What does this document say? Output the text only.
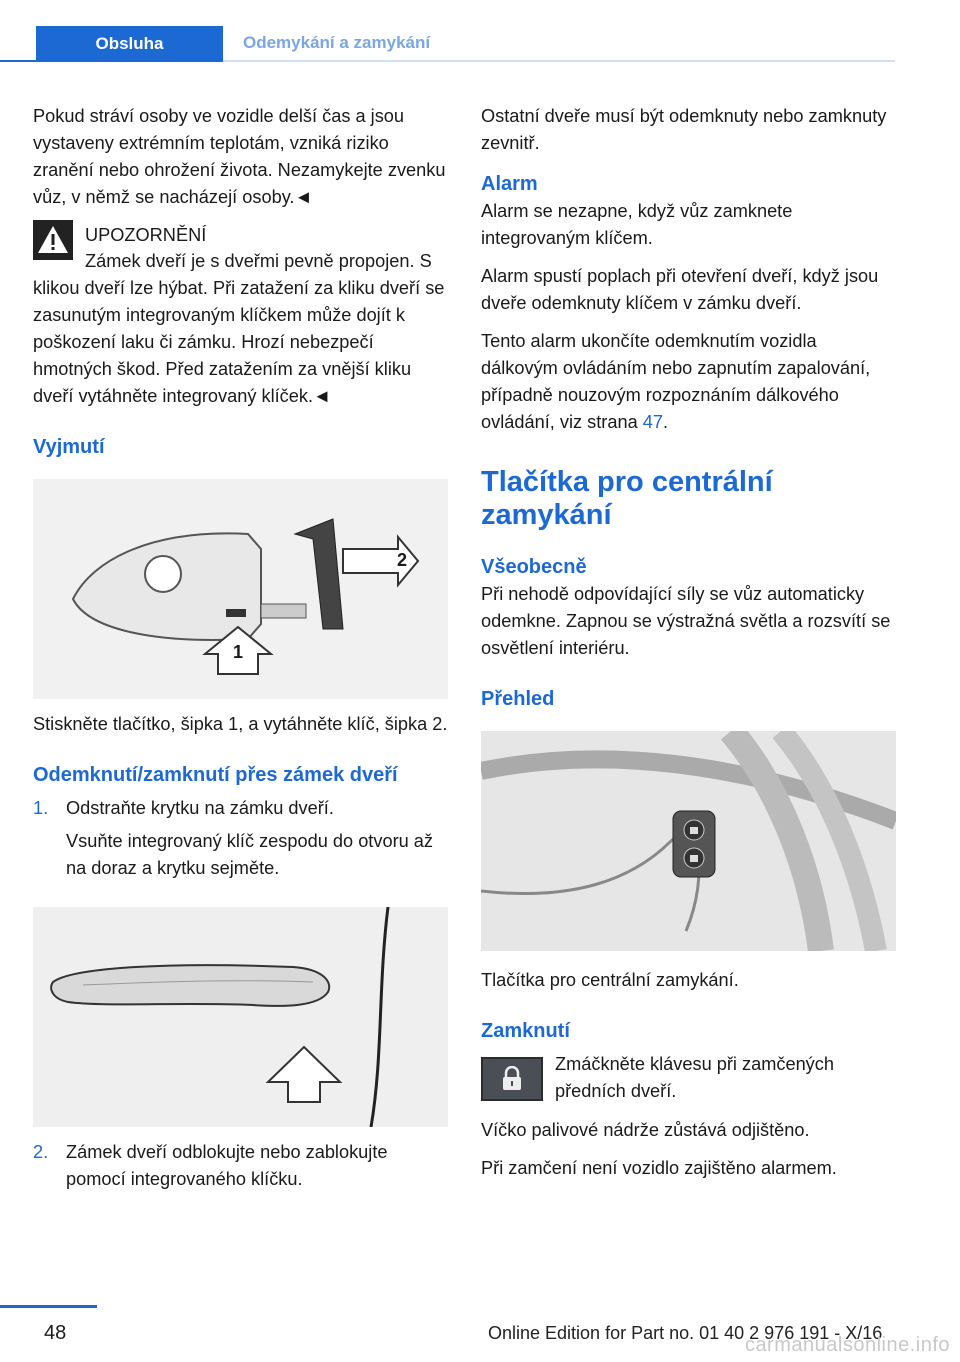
Obsluha	Odemykání a zamykání

Pokud stráví osoby ve vozidle delší čas a jsou vystaveny extrémním teplotám, vzniká riziko zranění nebo ohrožení života. Nezamykejte zvenku vůz, v němž se nacházejí osoby.◄

UPOZORNĚNÍ

Zámek dveří je s dveřmi pevně propojen. S klikou dveří lze hýbat. Při zatažení za kliku dveří se zasunutým integrovaným klíčkem může dojít k poškození laku či zámku. Hrozí nebezpečí hmotných škod. Před zatažením za vnější kliku dveří vytáhněte integrovaný klíček.◄

Vyjmutí
1
2

Stiskněte tlačítko, šipka 1, a vytáhněte klíč, šipka 2.

Odemknutí/zamknutí přes zámek dveří
1. Odstraňte krytku na zámku dveří.

Vsuňte integrovaný klíč zespodu do otvoru až na doraz a krytku sejměte.

2. Zámek dveří odblokujte nebo zablokujte pomocí integrovaného klíčku.

Ostatní dveře musí být odemknuty nebo zamknuty zevnitř.

Alarm

Alarm se nezapne, když vůz zamknete integrovaným klíčem.

Alarm spustí poplach při otevření dveří, když jsou dveře odemknuty klíčem v zámku dveří.

Tento alarm ukončíte odemknutím vozidla dálkovým ovládáním nebo zapnutím zapalování, případně nouzovým rozpoznáním dálkového ovládání, viz strana 47.

Tlačítka pro centrální zamykání
Všeobecně

Při nehodě odpovídající síly se vůz automaticky odemkne. Zapnou se výstražná světla a rozsvítí se osvětlení interiéru.

Přehled

Tlačítka pro centrální zamykání.

Zamknutí
Zmáčkněte klávesu při zamčených předních dveří.

Víčko palivové nádrže zůstává odjištěno.

Při zamčení není vozidlo zajištěno alarmem.

48	Online Edition for Part no. 01 40 2 976 191 - X/16
carmanualsonline.info
